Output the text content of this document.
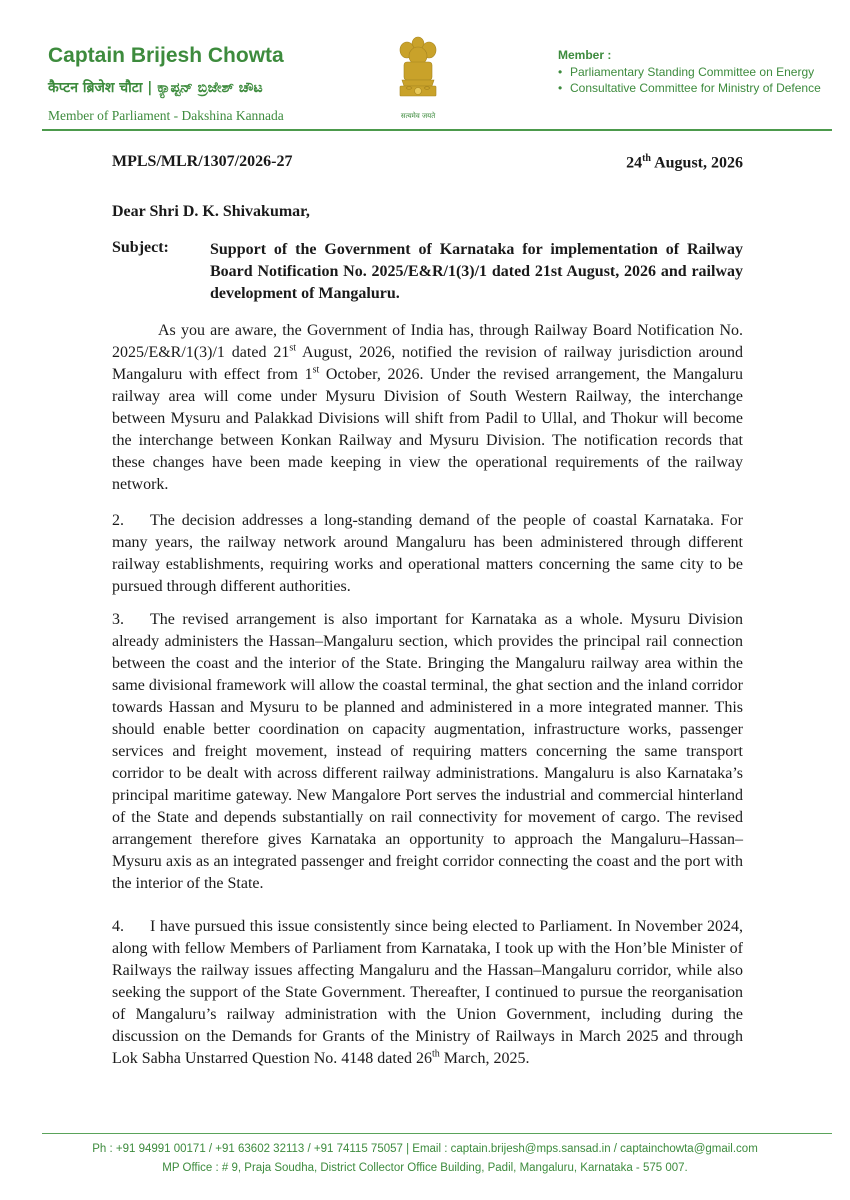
Captain Brijesh Chowta
कैप्टन ब्रिजेश चौटा | ಕ್ಯಾಪ್ಟನ್ ಬ್ರಿಜೇಶ್ ಚೌಟ
Member of Parliament - Dakshina Kannada	सत्यमेव जयते
Member :
• Parliamentary Standing Committee on Energy
• Consultative Committee for Ministry of Defence
MPLS/MLR/1307/2026-27	24th August, 2026
Dear Shri D. K. Shivakumar,
Subject:	Support of the Government of Karnataka for implementation of Railway Board Notification No. 2025/E&R/1(3)/1 dated 21st August, 2026 and railway development of Mangaluru.
As you are aware, the Government of India has, through Railway Board Notification No. 2025/E&R/1(3)/1 dated 21st August, 2026, notified the revision of railway jurisdiction around Mangaluru with effect from 1st October, 2026. Under the revised arrangement, the Mangaluru railway area will come under Mysuru Division of South Western Railway, the interchange between Mysuru and Palakkad Divisions will shift from Padil to Ullal, and Thokur will become the interchange between Konkan Railway and Mysuru Division. The notification records that these changes have been made keeping in view the operational requirements of the railway network.
2. The decision addresses a long-standing demand of the people of coastal Karnataka. For many years, the railway network around Mangaluru has been administered through different railway establishments, requiring works and operational matters concerning the same city to be pursued through different authorities.
3. The revised arrangement is also important for Karnataka as a whole. Mysuru Division already administers the Hassan–Mangaluru section, which provides the principal rail connection between the coast and the interior of the State. Bringing the Mangaluru railway area within the same divisional framework will allow the coastal terminal, the ghat section and the inland corridor towards Hassan and Mysuru to be planned and administered in a more integrated manner. This should enable better coordination on capacity augmentation, infrastructure works, passenger services and freight movement, instead of requiring matters concerning the same transport corridor to be dealt with across different railway administrations. Mangaluru is also Karnataka’s principal maritime gateway. New Mangalore Port serves the industrial and commercial hinterland of the State and depends substantially on rail connectivity for movement of cargo. The revised arrangement therefore gives Karnataka an opportunity to approach the Mangaluru–Hassan–Mysuru axis as an integrated passenger and freight corridor connecting the coast and the port with the interior of the State.
4. I have pursued this issue consistently since being elected to Parliament. In November 2024, along with fellow Members of Parliament from Karnataka, I took up with the Hon’ble Minister of Railways the railway issues affecting Mangaluru and the Hassan–Mangaluru corridor, while also seeking the support of the State Government. Thereafter, I continued to pursue the reorganisation of Mangaluru’s railway administration with the Union Government, including during the discussion on the Demands for Grants of the Ministry of Railways in March 2025 and through Lok Sabha Unstarred Question No. 4148 dated 26th March, 2025.
Ph : +91 94991 00171 / +91 63602 32113 / +91 74115 75057 | Email : captain.brijesh@mps.sansad.in / captainchowta@gmail.com
MP Office : # 9, Praja Soudha, District Collector Office Building, Padil, Mangaluru, Karnataka - 575 007.
